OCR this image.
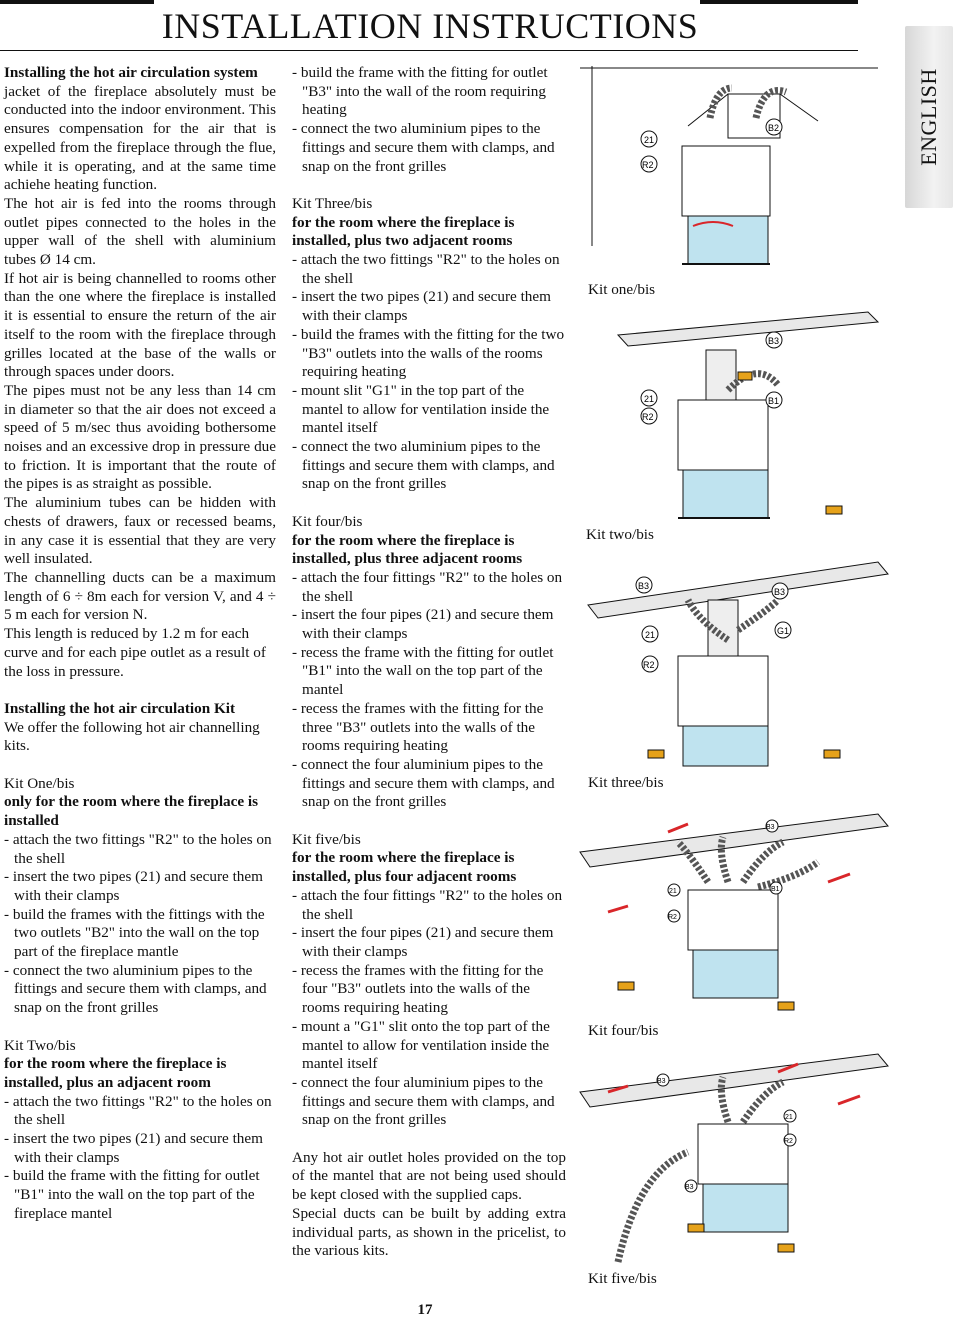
INSTALLATION INSTRUCTIONS
ENGLISH

Installing the hot air circulation system

jacket of the fireplace absolutely must be conducted into the indoor environment. This ensures compensation for the air that is expelled from the fireplace through the flue, while it is operating, and at the same time achiehe heating function.

The hot air is fed into the rooms through outlet pipes connected to the holes in the upper wall of the shell with aluminium tubes Ø 14 cm.

If hot air is being channelled to rooms other than the one where the fireplace is installed it is essential to ensure the return of the air itself to the room with the fireplace through grilles located at the base of the walls or through spaces under doors.

The pipes must not be any less than 14 cm in diameter so that the air does not exceed a speed of 5 m/sec thus avoiding bothersome noises and an excessive drop in pressure due to friction. It is important that the route of the pipes is as straight as possible.

The aluminium tubes can be hidden with chests of drawers, faux or recessed beams, in any case it is essential that they are very well insulated.

The channelling ducts can be a maximum length of 6 ÷ 8m each for version V, and 4 ÷ 5 m each for version N.

This length is reduced by 1.2 m for each curve and for each pipe outlet as a result of the loss in pressure.

Installing the hot air circulation Kit

We offer the following hot air channelling kits.

Kit One/bis

only for the room where the fireplace is installed

- attach the two fittings "R2" to the holes on the shell

- insert the two pipes (21) and secure them with their clamps

- build the frames with the fittings with the two outlets "B2" into the wall on the top part of the fireplace mantle

- connect the two aluminium pipes to the fittings and secure them with clamps, and snap on the front grilles

Kit Two/bis

for the room where the fireplace is installed, plus an adjacent room

- attach the two fittings "R2" to the holes on the shell

- insert the two pipes (21) and secure them with their clamps

- build the frame with the fitting for outlet "B1" into the wall on the top part of the fireplace mantel

- build the frame with the fitting for outlet "B3" into the wall of the room requiring heating

- connect the two aluminium pipes to the fittings and secure them with clamps, and snap on the front grilles

Kit Three/bis

for the room where the fireplace is installed, plus two adjacent rooms

- attach the two fittings "R2" to the holes on the shell

- insert the two pipes (21) and secure them with their clamps

- build the frames with the fitting for the two "B3" outlets into the walls of the rooms requiring heating

- mount slit "G1" in the top part of the mantel to allow for ventilation inside the mantel itself

- connect the two aluminium pipes to the fittings and secure them with clamps, and snap on the front grilles

Kit four/bis

for the room where the fireplace is installed, plus three adjacent rooms

- attach the four fittings "R2" to the holes on the shell

- insert the four pipes (21) and secure them with their clamps

- recess the frame with the fitting for outlet "B1" into the wall on the top part of the mantel

- recess the frames with the fitting for the three "B3" outlets into the walls of the rooms requiring heating

- connect the four aluminium pipes to the fittings and secure them with clamps, and snap on the front grilles

Kit five/bis

for the room where the fireplace is installed, plus four adjacent rooms

- attach the four fittings "R2" to the holes on the shell

- insert the four pipes (21) and secure them with their clamps

- recess the frames with the fitting for the four "B3" outlets into the walls of the rooms requiring heating

- mount a "G1" slit onto the top part of the mantel to allow for ventilation inside the mantel itself

- connect the four aluminium pipes to the fittings and secure them with clamps, and snap on the front grilles

Any hot air outlet holes provided on the top of the mantel that are not being used should be kept closed with the supplied caps.

Special ducts can be built by adding extra individual parts, as shown in the pricelist, to the various kits.

21
R2
B2
Kit one/bis
21
R2
B3
B1
Kit two/bis
B3
21
R2
B3
G1
Kit three/bis
B3
21
R2
B1
Kit four/bis
B3
21
R2
B3
Kit five/bis
17
